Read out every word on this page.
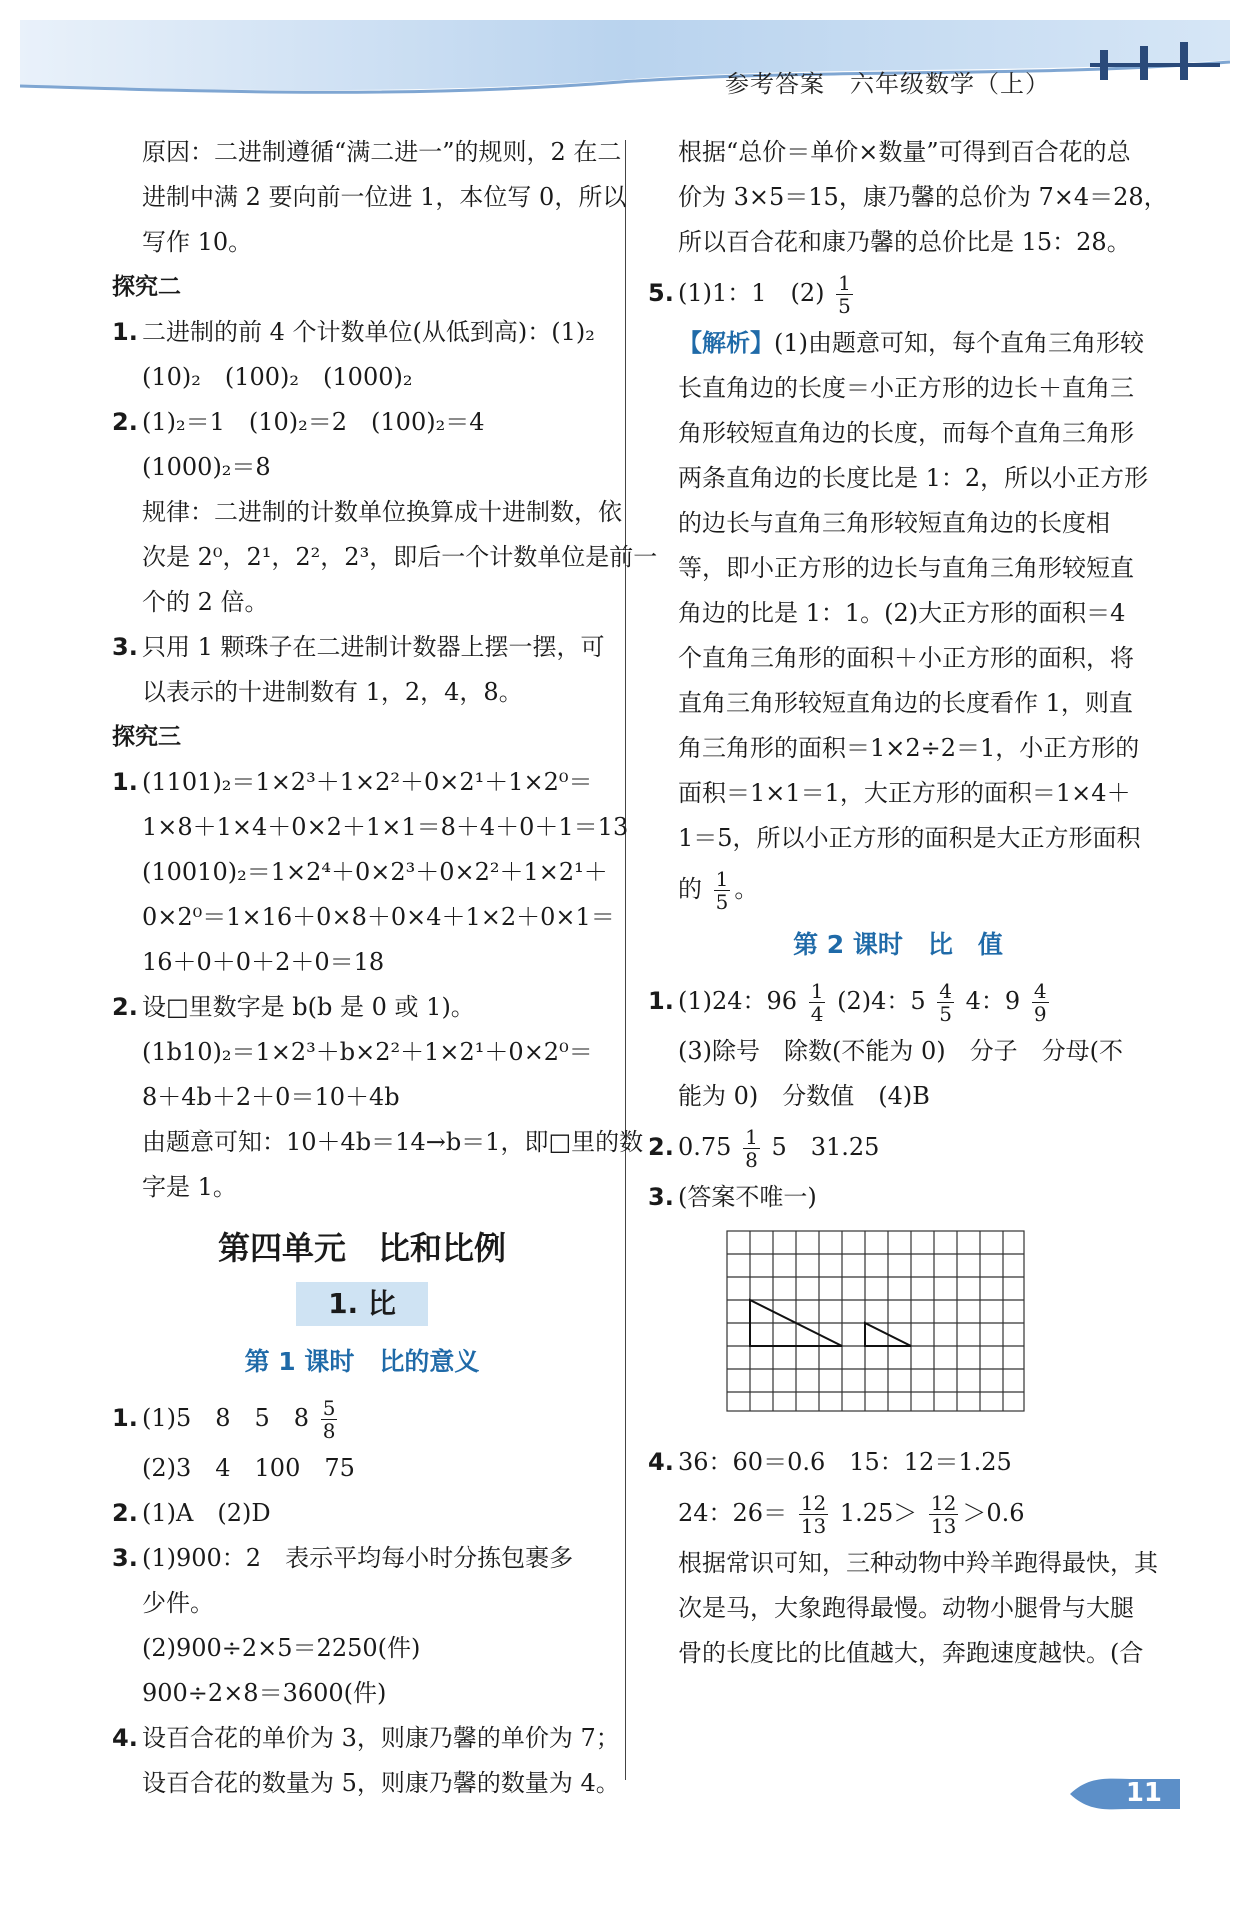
参考答案　六年级数学（上）
原因：二进制遵循“满二进一”的规则，2 在二
进制中满 2 要向前一位进 1，本位写 0，所以
写作 10。
探究二
1. 二进制的前 4 个计数单位(从低到高)：(1)₂
(10)₂　(100)₂　(1000)₂
2. (1)₂＝1　(10)₂＝2　(100)₂＝4
(1000)₂＝8
规律：二进制的计数单位换算成十进制数，依
次是 2⁰，2¹，2²，2³，即后一个计数单位是前一
个的 2 倍。
3. 只用 1 颗珠子在二进制计数器上摆一摆，可
以表示的十进制数有 1，2，4，8。
探究三
1. (1101)₂＝1×2³＋1×2²＋0×2¹＋1×2⁰＝
1×8＋1×4＋0×2＋1×1＝8＋4＋0＋1＝13
(10010)₂＝1×2⁴＋0×2³＋0×2²＋1×2¹＋
0×2⁰＝1×16＋0×8＋0×4＋1×2＋0×1＝
16＋0＋0＋2＋0＝18
2. 设□里数字是 b(b 是 0 或 1)。
(1b10)₂＝1×2³＋b×2²＋1×2¹＋0×2⁰＝
8＋4b＋2＋0＝10＋4b
由题意可知：10＋4b＝14→b＝1，即□里的数
字是 1。
第四单元　比和比例
1. 比
第 1 课时　比的意义
1. (1)5　8　5　$8 \frac{5}{8}$
(2)3　4　100　75
2. (1)A　(2)D
3. (1)900：2　表示平均每小时分拣包裹多
少件。
(2)900÷2×5＝2250(件)
900÷2×8＝3600(件)
4. 设百合花的单价为 3，则康乃馨的单价为 7；
设百合花的数量为 5，则康乃馨的数量为 4。
根据“总价＝单价×数量”可得到百合花的总
价为 3×5＝15，康乃馨的总价为 7×4＝28，
所以百合花和康乃馨的总价比是 15：28。
5. (1)1：1　$(2) \frac{1}{5}$
【解析】(1)由题意可知，每个直角三角形较
长直角边的长度＝小正方形的边长＋直角三
角形较短直角边的长度，而每个直角三角形
两条直角边的长度比是 1：2，所以小正方形
的边长与直角三角形较短直角边的长度相
等，即小正方形的边长与直角三角形较短直
角边的比是 1：1。(2)大正方形的面积＝4
个直角三角形的面积＋小正方形的面积，将
直角三角形较短直角边的长度看作 1，则直
角三角形的面积＝1×2÷2＝1，小正方形的
面积＝1×1＝1，大正方形的面积＝1×4＋
1＝5，所以小正方形的面积是大正方形面积
的 $\frac{1}{5}$ 。
第 2 课时　比　值
1. (1)24：$96 \frac{1}{4} (2)4$：$5 \frac{4}{5} 4$：$9 \frac{4}{9}$
(3)除号　除数(不能为 0)　分子　分母(不
能为 0)　分数值　(4)B
2. $0.75 \frac{1}{8} 5$　31.25
3. (答案不唯一)
4. 36：60＝0.6　15：12＝1.25
24：$26= \frac{12}{13} 1.25> \frac{12}{13} >0.6$
根据常识可知，三种动物中羚羊跑得最快，其
次是马，大象跑得最慢。动物小腿骨与大腿
骨的长度比的比值越大，奔跑速度越快。(合
11
